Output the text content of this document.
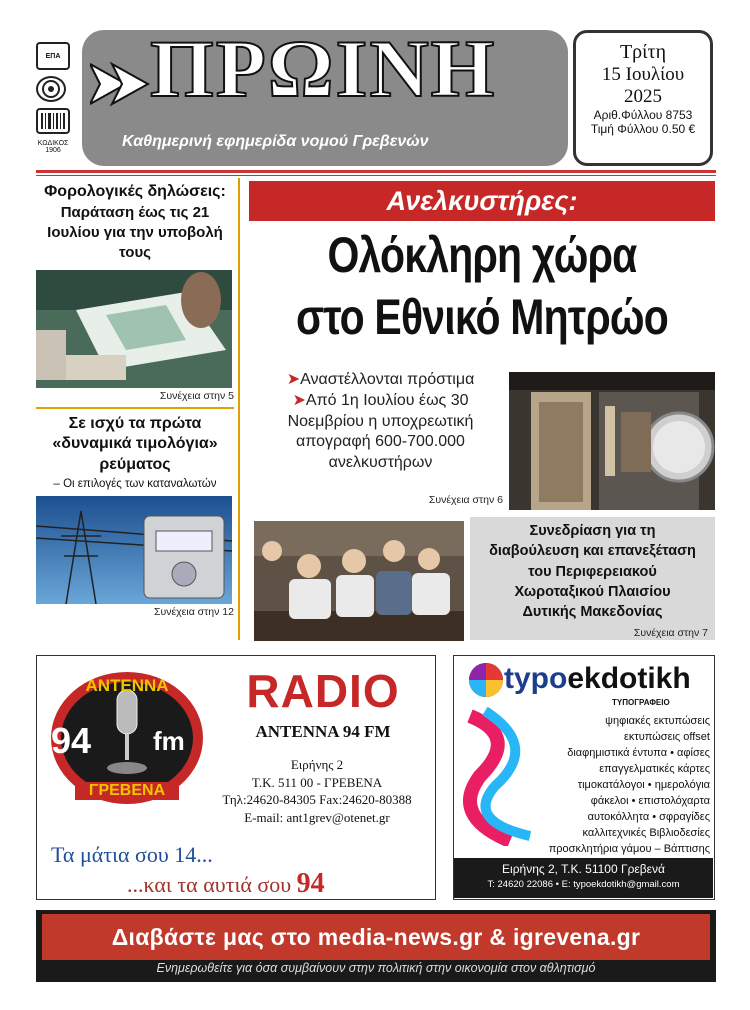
ΕΠΑ
ΚΩΔΙΚΟΣ
1906
ΠΡΩΙΝΗ
Καθημερινή εφημερίδα νομού Γρεβενών
Τρίτη
15 Ιουλίου
2025
Αριθ.Φύλλου 8753
Τιμή Φύλλου 0.50 €
Φορολογικές δηλώσεις:
Παράταση έως τις 21 Ιουλίου για την υποβολή τους
Συνέχεια στην 5
Σε ισχύ τα πρώτα «δυναμικά τιμολόγια» ρεύματος
– Οι επιλογές των καταναλωτών
Συνέχεια στην 12
Ανελκυστήρες:
Ολόκληρη χώρα
στο Εθνικό Μητρώο
➤Αναστέλλονται πρόστιμα
➤Από 1η Ιουλίου έως 30 Νοεμβρίου η υποχρεωτική απογραφή 600-700.000 ανελκυστήρων
Συνέχεια στην 6
Συνεδρίαση για τη διαβούλευση και επανεξέταση του Περιφερειακού Χωροταξικού Πλαισίου Δυτικής Μακεδονίας
Συνέχεια στην 7
ΑΝΤΕΝΝΑ
94 fm
ΓΡΕΒΕΝΑ
RADIO
ANTENNA 94 FM
Ειρήνης 2
Τ.Κ. 511 00 - ΓΡΕΒΕΝΑ
Τηλ:24620-84305 Fax:24620-80388
E-mail: ant1grev@otenet.gr
Τα μάτια σου 14...
...και τα αυτιά σου 94
typoekdotikh
ΤΥΠΟΓΡΑΦΕΙΟ
ψηφιακές εκτυπώσεις
εκτυπώσεις offset
διαφημιστικά έντυπα • αφίσες
επαγγελματικές κάρτες
τιμοκατάλογοι • ημερολόγια
φάκελοι • επιστολόχαρτα
αυτοκόλλητα • σφραγίδες
καλλιτεχνικές Βιβλιοδεσίες
προσκλητήρια γάμου – Βάπτισης
Ειρήνης 2, Τ.Κ. 51100 Γρεβενά
Τ: 24620 22086 • E: typoekdotikh@gmail.com
Διαβάστε μας στο media-news.gr & igrevena.gr
Ενημερωθείτε για όσα συμβαίνουν στην πολιτική στην οικονομία στον αθλητισμό
